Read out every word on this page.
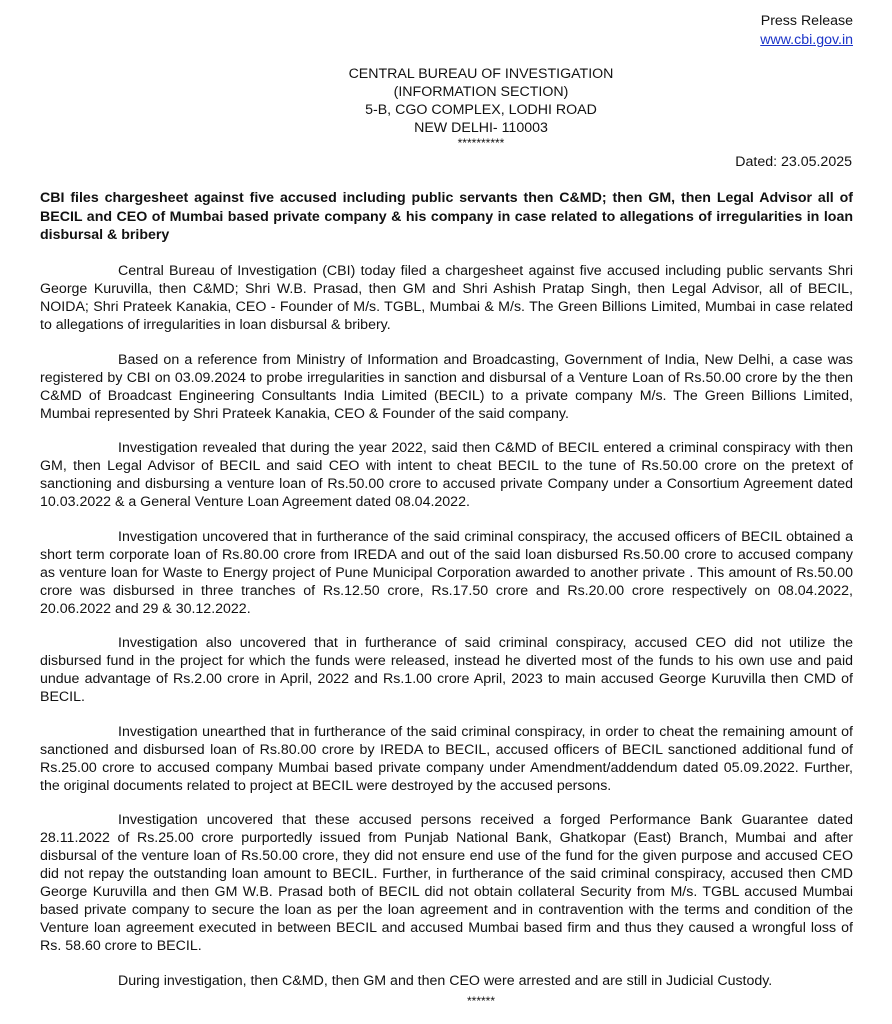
Press Release
www.cbi.gov.in
CENTRAL BUREAU OF INVESTIGATION
(INFORMATION SECTION)
5-B, CGO COMPLEX, LODHI ROAD
NEW DELHI- 110003
**********
Dated: 23.05.2025
CBI files chargesheet against five accused including public servants then C&MD; then GM, then Legal Advisor all of BECIL and CEO of Mumbai based private company & his company in case related to allegations of irregularities in loan disbursal & bribery

Central Bureau of Investigation (CBI) today filed a chargesheet against five accused including public servants Shri George Kuruvilla, then C&MD; Shri W.B. Prasad, then GM and Shri Ashish Pratap Singh, then Legal Advisor, all of BECIL, NOIDA; Shri Prateek Kanakia, CEO - Founder of M/s. TGBL, Mumbai & M/s. The Green Billions Limited, Mumbai in case related to allegations of irregularities in loan disbursal & bribery.

Based on a reference from Ministry of Information and Broadcasting, Government of India, New Delhi, a case was registered by CBI on 03.09.2024 to probe irregularities in sanction and disbursal of a Venture Loan of Rs.50.00 crore by the then C&MD of Broadcast Engineering Consultants India Limited (BECIL) to a private company M/s. The Green Billions Limited, Mumbai represented by Shri Prateek Kanakia, CEO & Founder of the said company.

Investigation revealed that during the year 2022, said then C&MD of BECIL entered a criminal conspiracy with then GM, then Legal Advisor of BECIL and said CEO with intent to cheat BECIL to the tune of Rs.50.00 crore on the pretext of sanctioning and disbursing a venture loan of Rs.50.00 crore to accused private Company under a Consortium Agreement dated 10.03.2022 & a General Venture Loan Agreement dated 08.04.2022.

Investigation uncovered that in furtherance of the said criminal conspiracy, the accused officers of BECIL obtained a short term corporate loan of Rs.80.00 crore from IREDA and out of the said loan disbursed Rs.50.00 crore to accused company as venture loan for Waste to Energy project of Pune Municipal Corporation awarded to another private . This amount of Rs.50.00 crore was disbursed in three tranches of Rs.12.50 crore, Rs.17.50 crore and Rs.20.00 crore respectively on 08.04.2022, 20.06.2022 and 29 & 30.12.2022.

Investigation also uncovered that in furtherance of said criminal conspiracy, accused CEO did not utilize the disbursed fund in the project for which the funds were released, instead he diverted most of the funds to his own use and paid undue advantage of Rs.2.00 crore in April, 2022 and Rs.1.00 crore April, 2023 to main accused George Kuruvilla then CMD of BECIL.

Investigation unearthed that in furtherance of the said criminal conspiracy, in order to cheat the remaining amount of sanctioned and disbursed loan of Rs.80.00 crore by IREDA to BECIL, accused officers of BECIL sanctioned additional fund of Rs.25.00 crore to accused company Mumbai based private company under Amendment/addendum dated 05.09.2022. Further, the original documents related to project at BECIL were destroyed by the accused persons.

Investigation uncovered that these accused persons received a forged Performance Bank Guarantee dated 28.11.2022 of Rs.25.00 crore purportedly issued from Punjab National Bank, Ghatkopar (East) Branch, Mumbai and after disbursal of the venture loan of Rs.50.00 crore, they did not ensure end use of the fund for the given purpose and accused CEO did not repay the outstanding loan amount to BECIL. Further, in furtherance of the said criminal conspiracy, accused then CMD George Kuruvilla and then GM W.B. Prasad both of BECIL did not obtain collateral Security from M/s. TGBL accused Mumbai based private company to secure the loan as per the loan agreement and in contravention with the terms and condition of the Venture loan agreement executed in between BECIL and accused Mumbai based firm and thus they caused a wrongful loss of Rs. 58.60 crore to BECIL.

During investigation, then C&MD, then GM and then CEO were arrested and are still in Judicial Custody.

******
